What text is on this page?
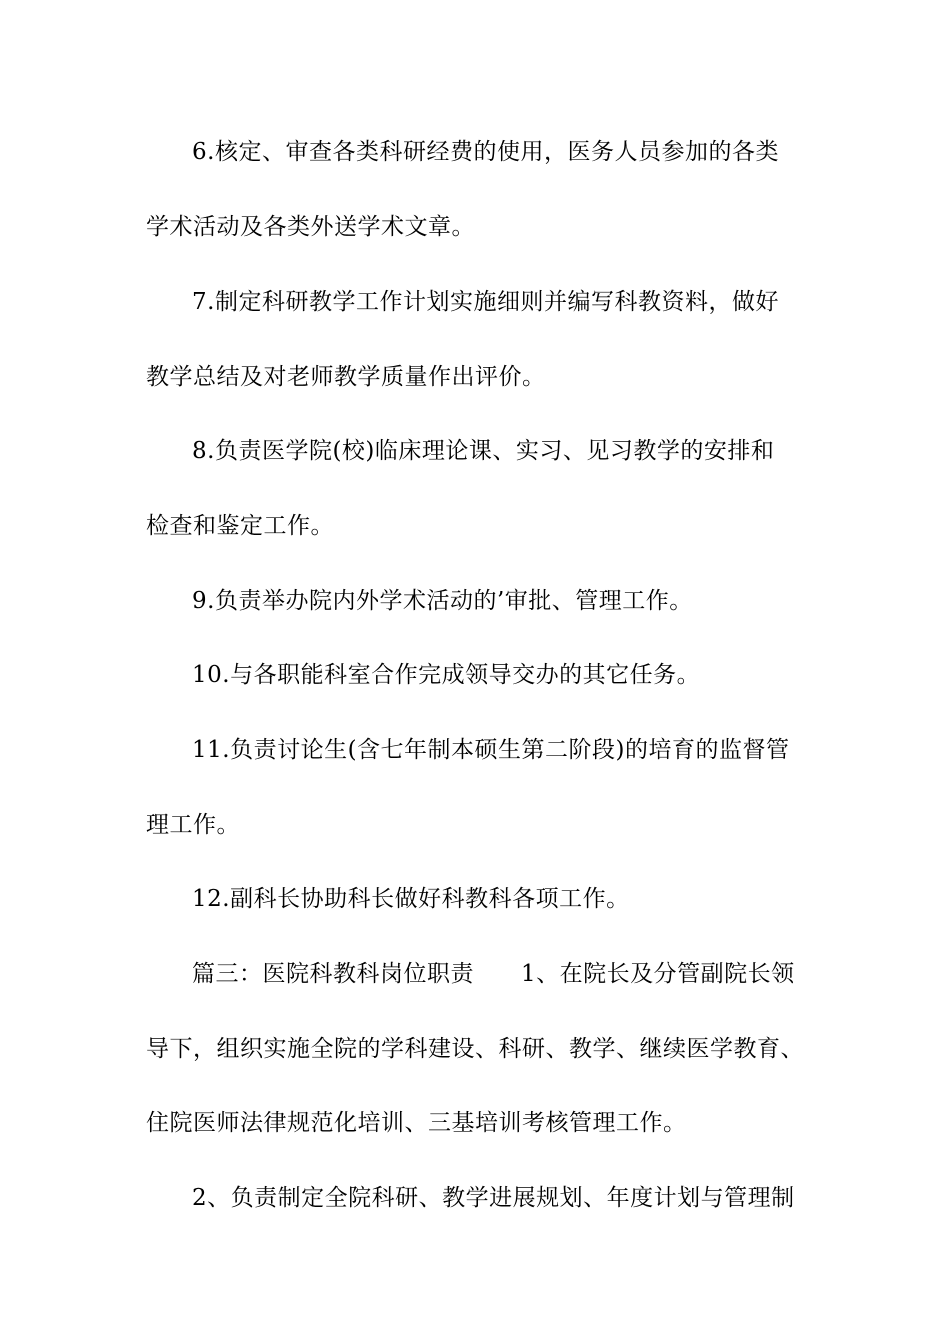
6.核定、审查各类科研经费的使用，医务人员参加的各类
学术活动及各类外送学术文章。
7.制定科研教学工作计划实施细则并编写科教资料，做好
教学总结及对老师教学质量作出评价。
8.负责医学院(校)临床理论课、实习、见习教学的安排和
检查和鉴定工作。
9.负责举办院内外学术活动的’审批、管理工作。
10.与各职能科室合作完成领导交办的其它任务。
11.负责讨论生(含七年制本硕生第二阶段)的培育的监督管
理工作。
12.副科长协助科长做好科教科各项工作。
篇三：医院科教科岗位职责　　1、在院长及分管副院长领
导下，组织实施全院的学科建设、科研、教学、继续医学教育、
住院医师法律规范化培训、三基培训考核管理工作。
2、负责制定全院科研、教学进展规划、年度计划与管理制
